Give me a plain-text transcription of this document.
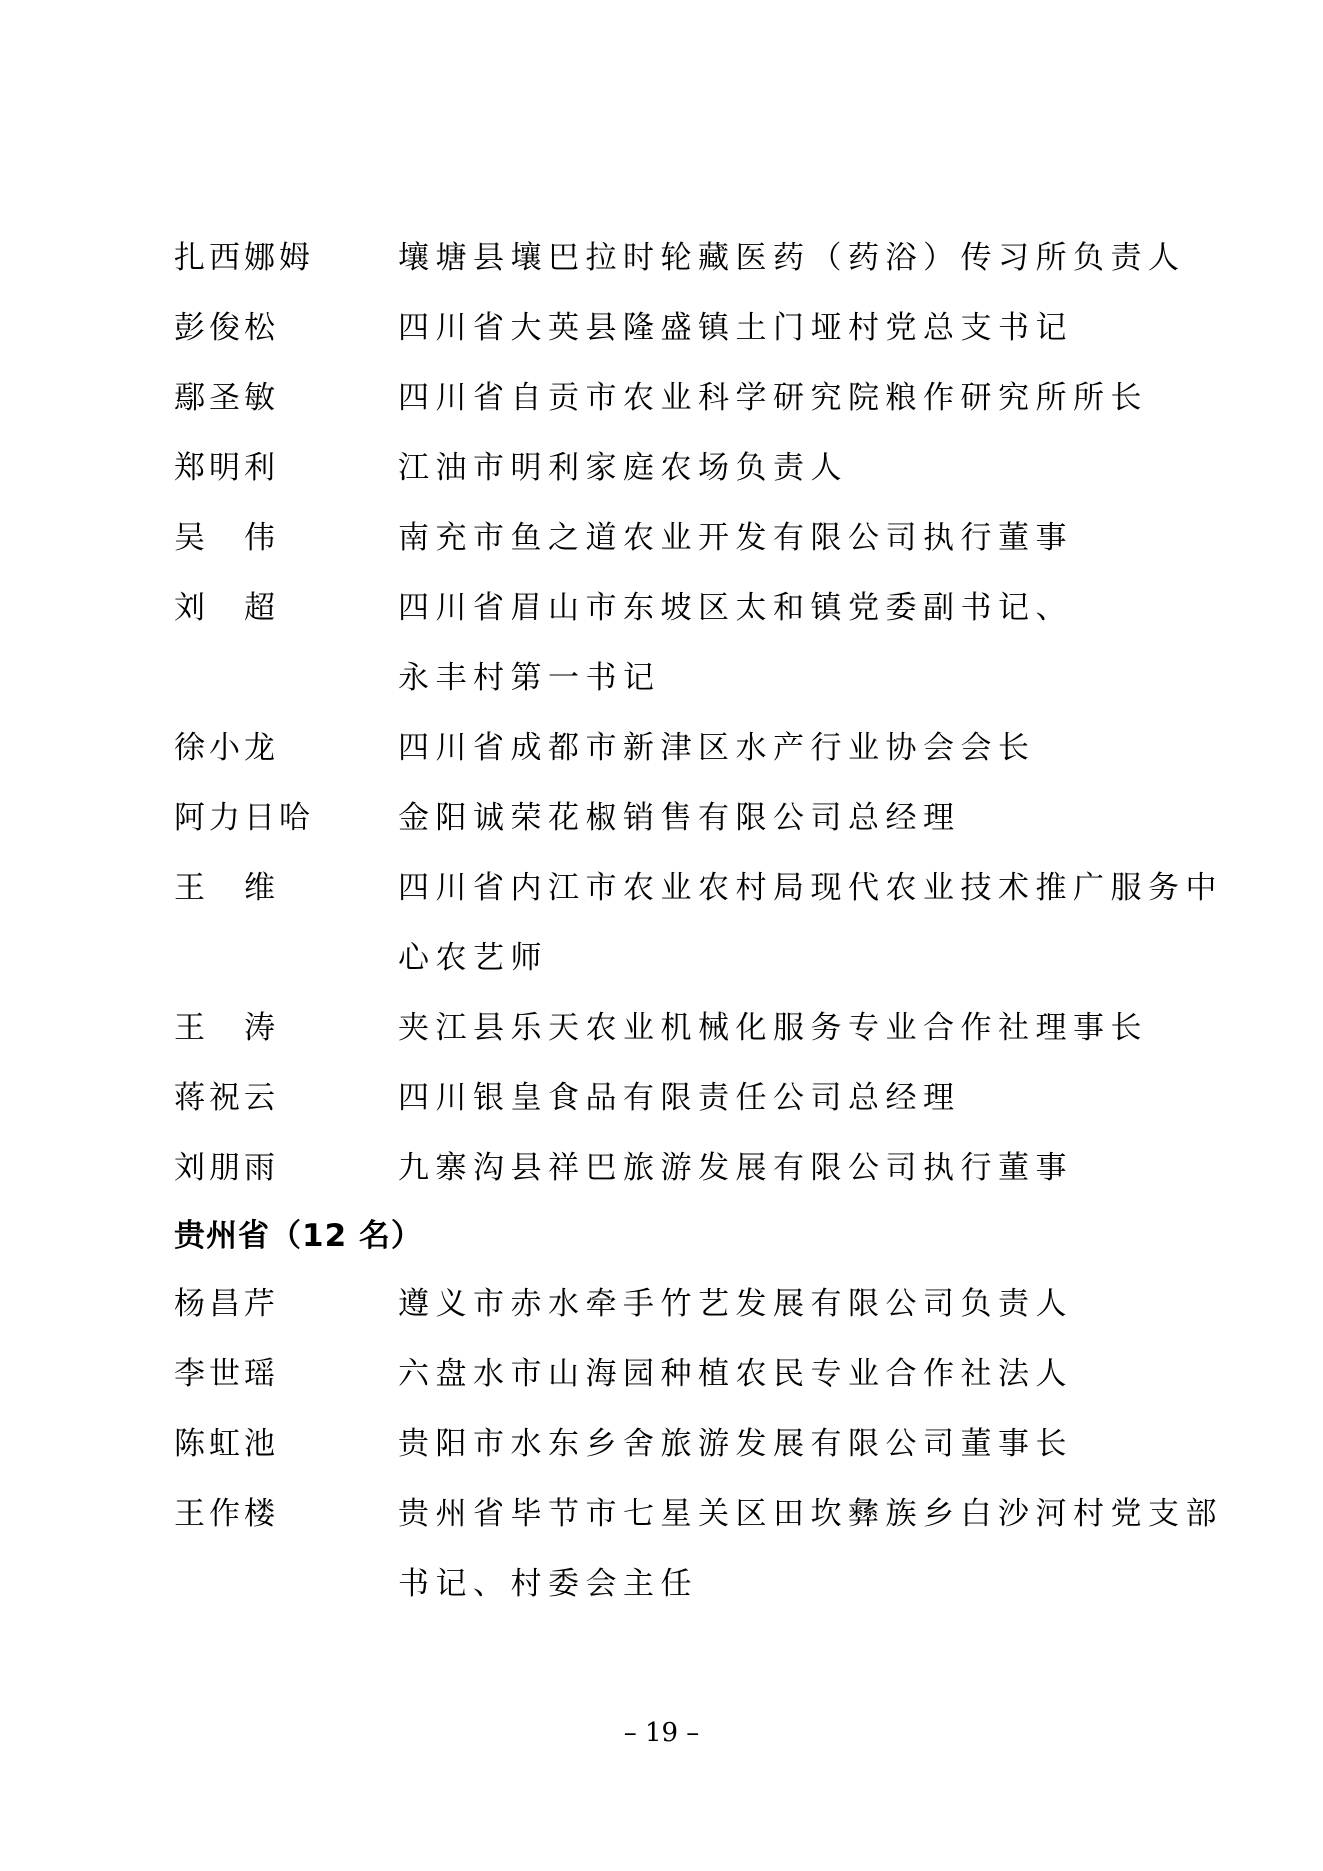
扎西娜姆	壤塘县壤巴拉时轮藏医药（药浴）传习所负责人
彭俊松	四川省大英县隆盛镇土门垭村党总支书记
鄢圣敏	四川省自贡市农业科学研究院粮作研究所所长
郑明利	江油市明利家庭农场负责人
吴　伟	南充市鱼之道农业开发有限公司执行董事
刘　超	四川省眉山市东坡区太和镇党委副书记、
永丰村第一书记
徐小龙	四川省成都市新津区水产行业协会会长
阿力日哈	金阳诚荣花椒销售有限公司总经理
王　维	四川省内江市农业农村局现代农业技术推广服务中
心农艺师
王　涛	夹江县乐天农业机械化服务专业合作社理事长
蒋祝云	四川银皇食品有限责任公司总经理
刘朋雨	九寨沟县祥巴旅游发展有限公司执行董事
贵州省（12 名）
杨昌芹	遵义市赤水牵手竹艺发展有限公司负责人
李世瑶	六盘水市山海园种植农民专业合作社法人
陈虹池	贵阳市水东乡舍旅游发展有限公司董事长
王作楼	贵州省毕节市七星关区田坎彝族乡白沙河村党支部
书记、村委会主任
– 19 –
